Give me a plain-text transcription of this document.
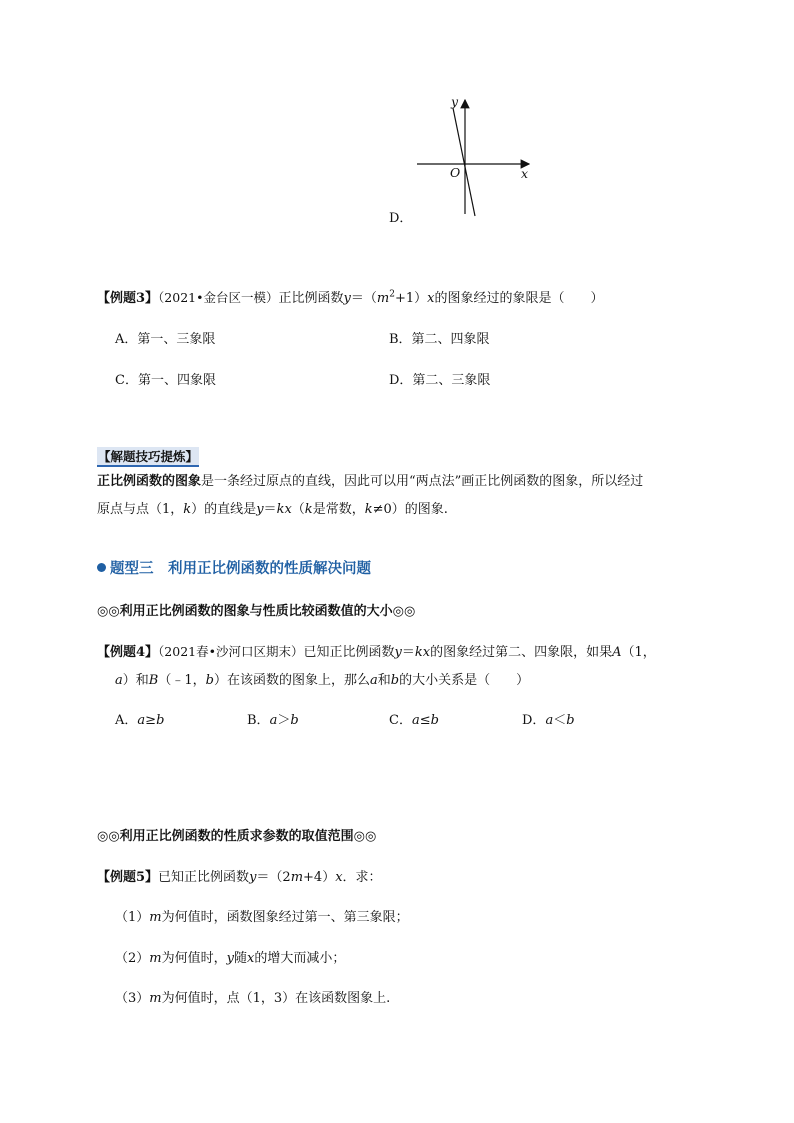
y
x
O
D．
【例题3】（2021•金台区一模）正比例函数$y=(m^2+1)x$的图象经过的象限是（　　）
A．第一、三象限	B．第二、四象限
C．第一、四象限	D．第二、三象限
【解题技巧提炼】
正比例函数的图象是一条经过原点的直线，因此可以用“两点法”画正比例函数的图象，所以经过
原点与点（1，k）的直线是y＝kx（k是常数，k≠0）的图象.
题型三　利用正比例函数的性质解决问题
◎◎利用正比例函数的图象与性质比较函数值的大小◎◎
【例题4】（2021春•沙河口区期末）已知正比例函数y＝kx的图象经过第二、四象限，如果A（1，
a）和B（﹣1，b）在该函数的图象上，那么a和b的大小关系是（　　）
A．a≥b	B．a＞b	C．a≤b	D．a＜b
◎◎利用正比例函数的性质求参数的取值范围◎◎
【例题5】已知正比例函数y＝（2m+4）x．求：
（1）m为何值时，函数图象经过第一、第三象限；
（2）m为何值时，y随x的增大而减小；
（3）m为何值时，点（1，3）在该函数图象上.
